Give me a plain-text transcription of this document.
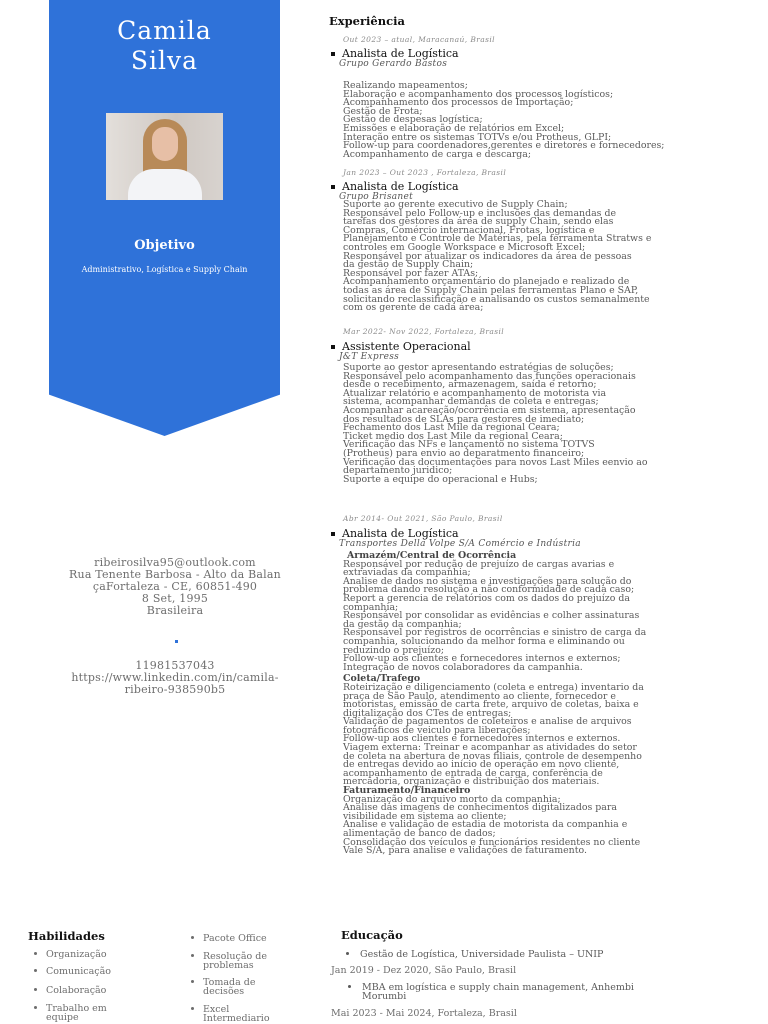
Camila
Silva
Objetivo
Administrativo, Logística e Supply Chain
ribeirosilva95@outlook.com
Rua Tenente Barbosa - Alto da Balan
çaFortaleza - CE, 60851-490
8 Set, 1995
Brasileira
11981537043
https://www.linkedin.com/in/camila-
ribeiro-938590b5
Experiência
Out 2023 – atual, Maracanaú, Brasil
Analista de Logística
Grupo Gerardo Bastos
Realizando mapeamentos;
Elaboração e acompanhamento dos processos logísticos;
Acompanhamento dos processos de Importação;
Gestão de Frota;
Gestão de despesas logística;
Emissões e elaboração de relatórios em Excel;
Interação entre os sistemas TOTVs e/ou Protheus, GLPI;
Follow-up para coordenadores,gerentes e diretores e fornecedores;
Acompanhamento de carga e descarga;
Jan 2023 – Out 2023 , Fortaleza, Brasil
Analista de Logística
Grupo Brisanet
Suporte ao gerente executivo de Supply Chain;
Responsável pelo Follow-up e inclusões das demandas de
tarefas dos gestores da área de supply Chain, sendo elas
Compras, Comércio internacional, Frotas, logística e
Planejamento e Controle de Matérias, pela ferramenta Stratws e
controles em Google Workspace e Microsoft Excel;
Responsável por atualizar os indicadores da área de pessoas
da gestão de Supply Chain;
Responsável por fazer ATAs;
Acompanhamento orçamentário do planejado e realizado de
todas as área de Supply Chain pelas ferramentas Plano e SAP,
solicitando reclassificação e analisando os custos semanalmente
com os gerente de cada área;
Mar 2022- Nov 2022, Fortaleza, Brasil
Assistente Operacional
J&T Express
Suporte ao gestor apresentando estratégias de soluções;
Responsável pelo acompanhamento das funções operacionais
desde o recebimento, armazenagem, saída e retorno;
Atualizar relatório e acompanhamento de motorista via
sistema, acompanhar demandas de coleta e entregas;
Acompanhar acareação/ocorrência em sistema, apresentação
dos resultados de SLAs para gestores de imediato;
Fechamento dos Last Mile da regional Ceara;
Ticket medio dos Last Mile da regional Ceara;
Verificação das NFs e lançamento no sistema TOTVS
(Protheus) para envio ao deparatmento financeiro;
Verificação das documentações para novos Last Miles eenvio ao
departamento juridico;
Suporte a equipe do operacional e Hubs;
Abr 2014- Out 2021, São Paulo, Brasil
Analista de Logística
Transportes Della Volpe S/A Comércio e Indústria
Armazém/Central de Ocorrência
Responsável por redução de prejuízo de cargas avarias e
extraviadas da companhia;
Analise de dados no sistema e investigações para solução do
problema dando resolução a não conformidade de cada caso;
Report a gerencia de relatórios com os dados do prejuízo da
companhia;
Responsável por consolidar as evidências e colher assinaturas
da gestão da companhia;
Responsável por registros de ocorrências e sinistro de carga da
companhia, solucionando da melhor forma e eliminando ou
reduzindo o prejuízo;
Follow-up aos clientes e fornecedores internos e externos;
Integração de novos colaboradores da campanhia.
Coleta/Trafego
Roteirização e diligenciamento (coleta e entrega) inventario da
praça de São Paulo, atendimento ao cliente, fornecedor e
motoristas, emissão de carta frete, arquivo de coletas, baixa e
digitalização dos CTes de entregas;
Validação de pagamentos de coleteiros e analise de arquivos
fotográficos de veiculo para liberações;
Follow-up aos clientes e fornecedores internos e externos.
Viagem externa: Treinar e acompanhar as atividades do setor
de coleta na abertura de novas filiais, controle de desempenho
de entregas devido ao início de operação em novo cliente,
acompanhamento de entrada de carga, conferência de
mercadoria, organização e distribuição dos materiais.
Faturamento/Financeiro
Organização do arquivo morto da companhia;
Analise das imagens de conhecimentos digitalizados para
visibilidade em sistema ao cliente;
Analise e validação de estadia de motorista da companhia e
alimentação de banco de dados;
Consolidação dos veículos e funcionários residentes no cliente
Vale S/A, para analise e validações de faturamento.
Habilidades
Organização
Comunicação
Colaboração
Trabalho em
equipe
Pacote Office
Resolução de
problemas
Tomada de
decisões
Excel
Intermediario
Educação
Gestão de Logística, Universidade Paulista – UNIP
Jan 2019 - Dez 2020, São Paulo, Brasil
MBA em logística e supply chain management, Anhembi
Morumbi
Mai 2023 - Mai 2024, Fortaleza, Brasil
